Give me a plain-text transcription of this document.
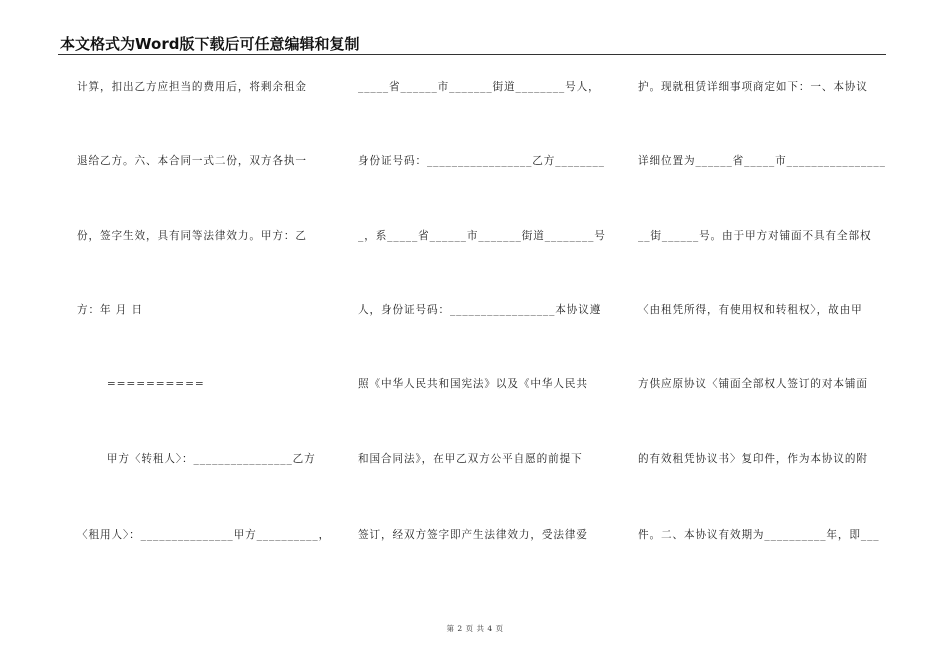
本文格式为Word版下载后可任意编辑和复制
计算，扣出乙方应担当的费用后，将剩余租金
退给乙方。六、本合同一式二份，双方各执一
份，签字生效，具有同等法律效力。甲方：乙
方：年 月 日
==========
甲方〈转租人〉：________________乙方
〈租用人〉：_______________甲方__________，
_____省______市_______街道________号人，
身份证号码：_________________乙方________
_，系_____省______市_______街道________号
人，身份证号码：_________________本协议遵
照《中华人民共和国宪法》以及《中华人民共
和国合同法》，在甲乙双方公平自愿的前提下
签订，经双方签字即产生法律效力，受法律爱
护。现就租赁详细事项商定如下：一、本协议
详细位置为______省_____市________________
__街______号。由于甲方对铺面不具有全部权
〈由租凭所得，有使用权和转租权〉，故由甲
方供应原协议〈铺面全部权人签订的对本铺面
的有效租凭协议书〉复印件，作为本协议的附
件。二、本协议有效期为__________年，即___
第 2 页 共 4 页
